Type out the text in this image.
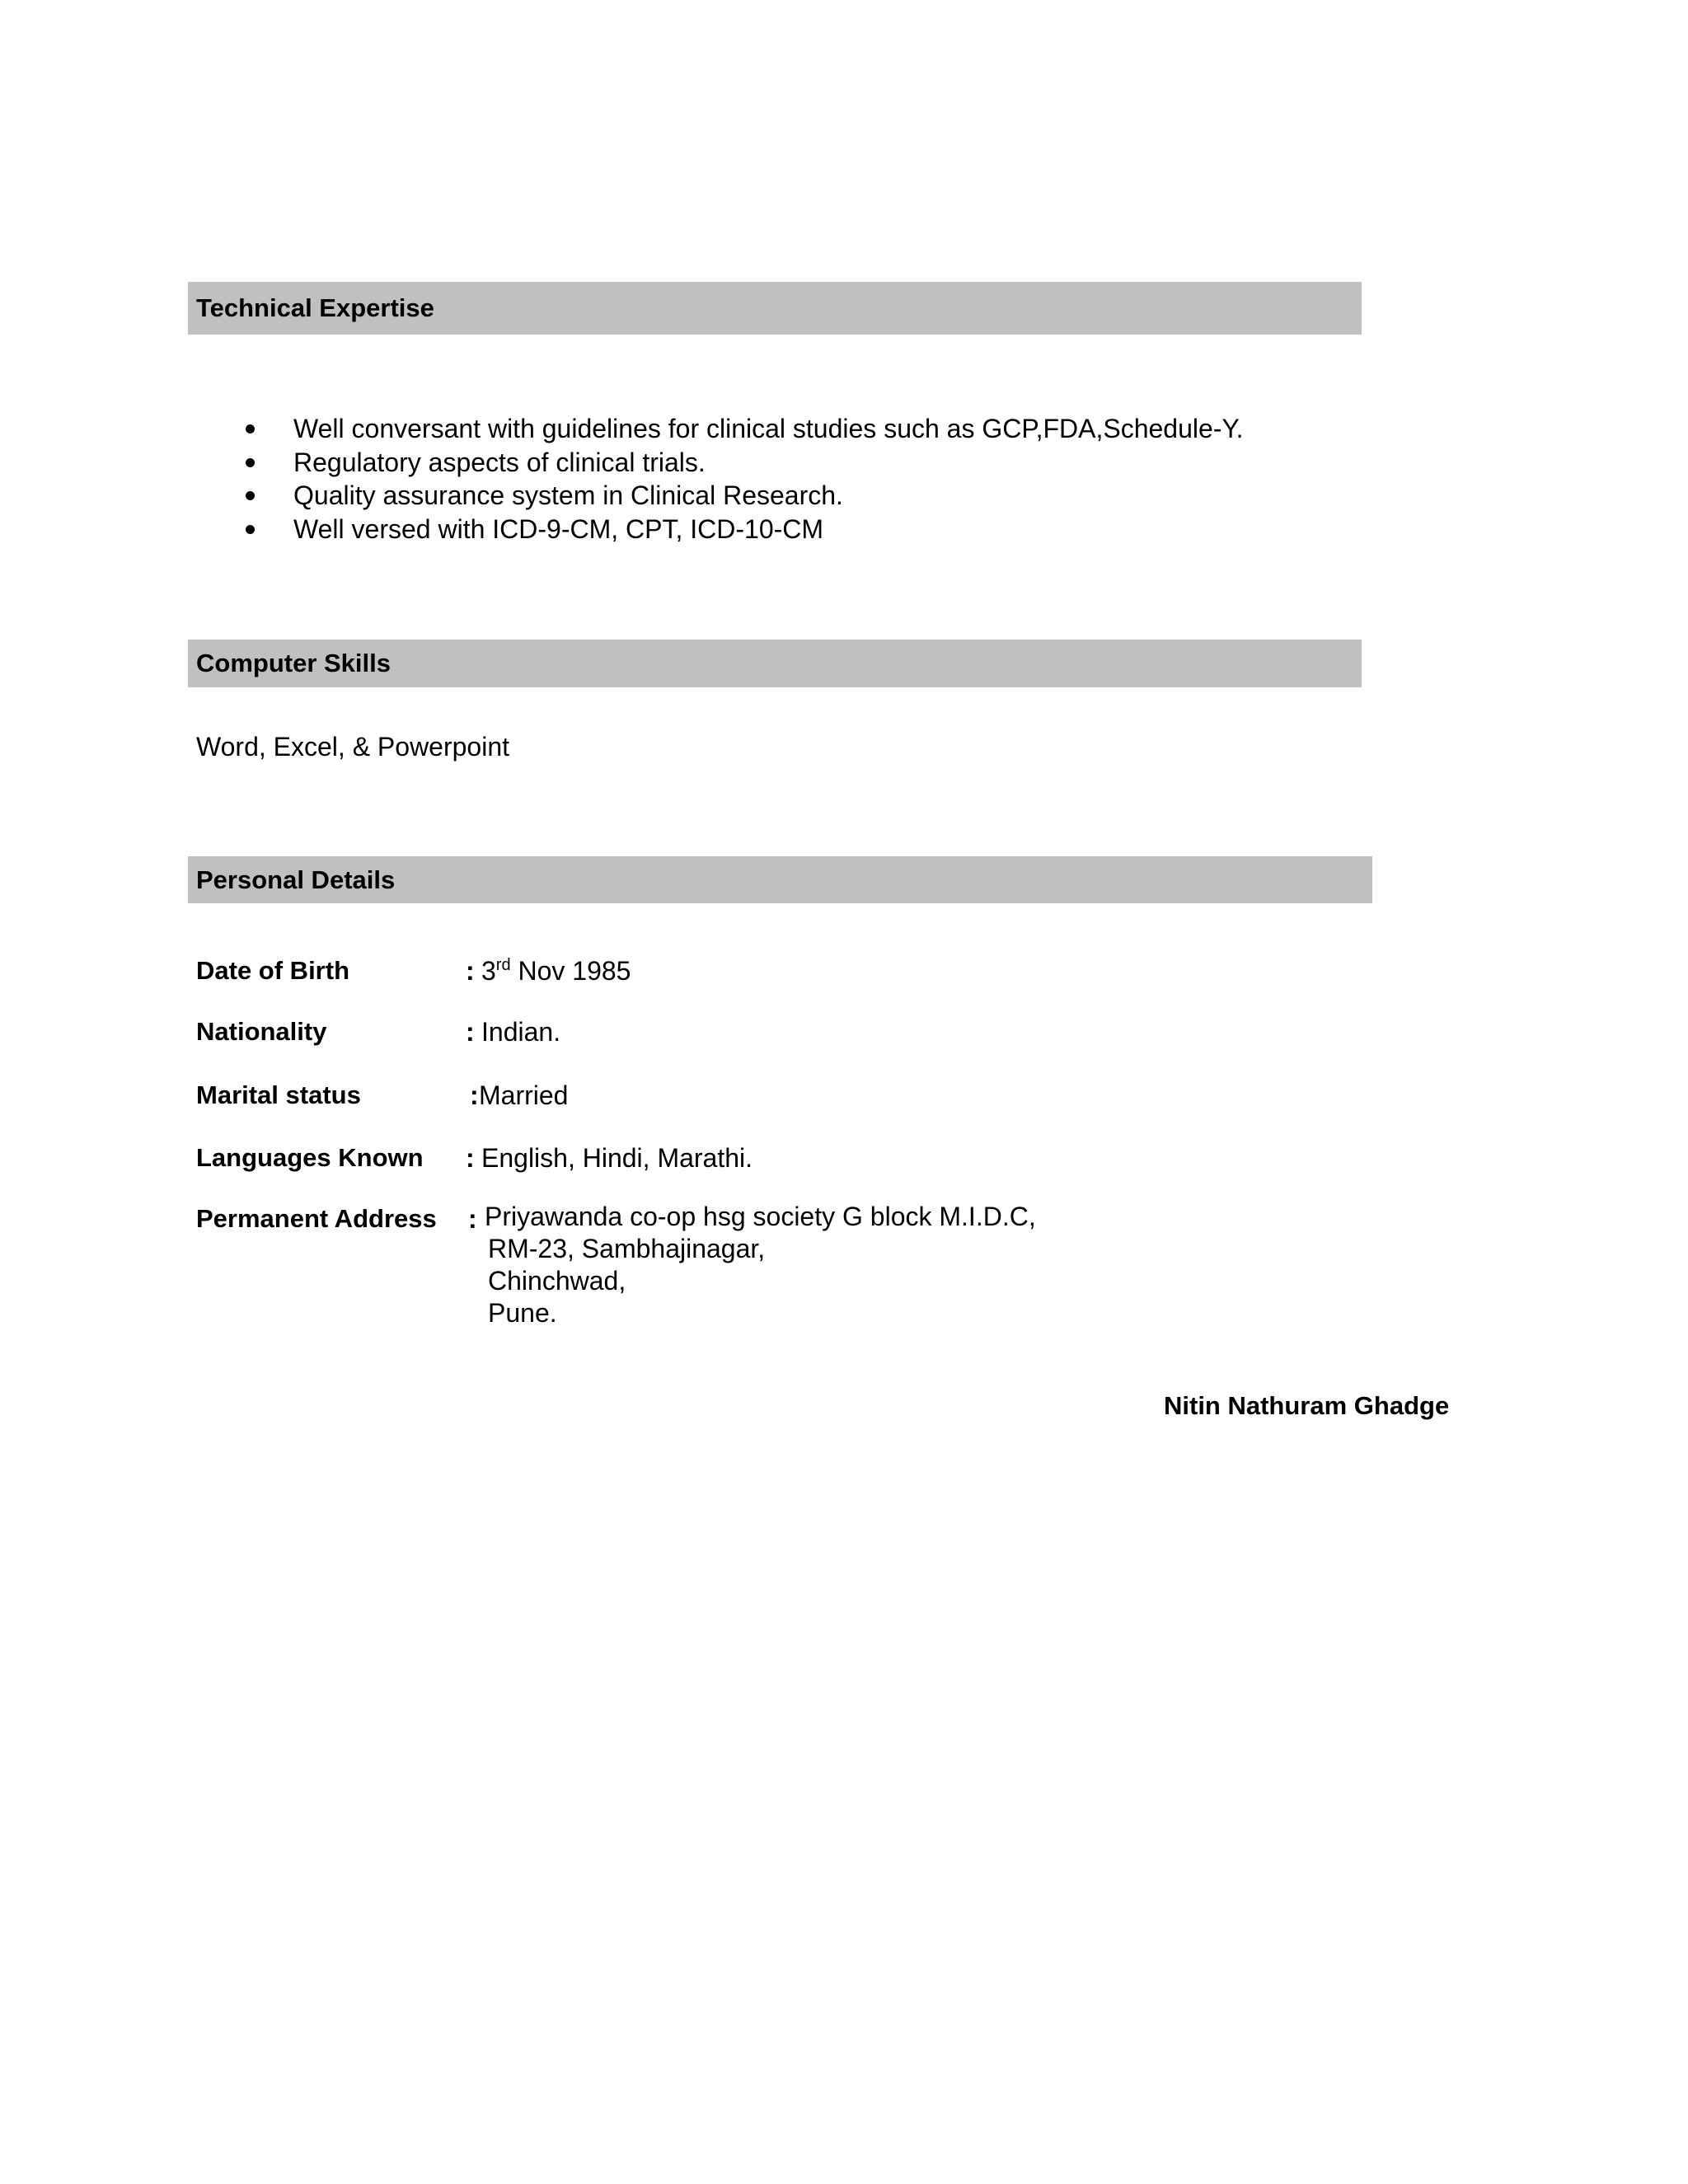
Technical Expertise
Well conversant with guidelines for clinical studies such as GCP,FDA,Schedule-Y.
Regulatory aspects of clinical trials.
Quality assurance system in Clinical Research.
Well versed with ICD-9-CM, CPT, ICD-10-CM
Computer Skills
Word, Excel, & Powerpoint
Personal Details
Date of Birth	: 3rd Nov 1985
Nationality	: Indian.
Marital status	: Married
Languages Known : English, Hindi, Marathi.
Permanent Address : Priyawanda co-op hsg society G block M.I.D.C,
RM-23, Sambhajinagar,
Chinchwad,
Pune.
Nitin Nathuram Ghadge
